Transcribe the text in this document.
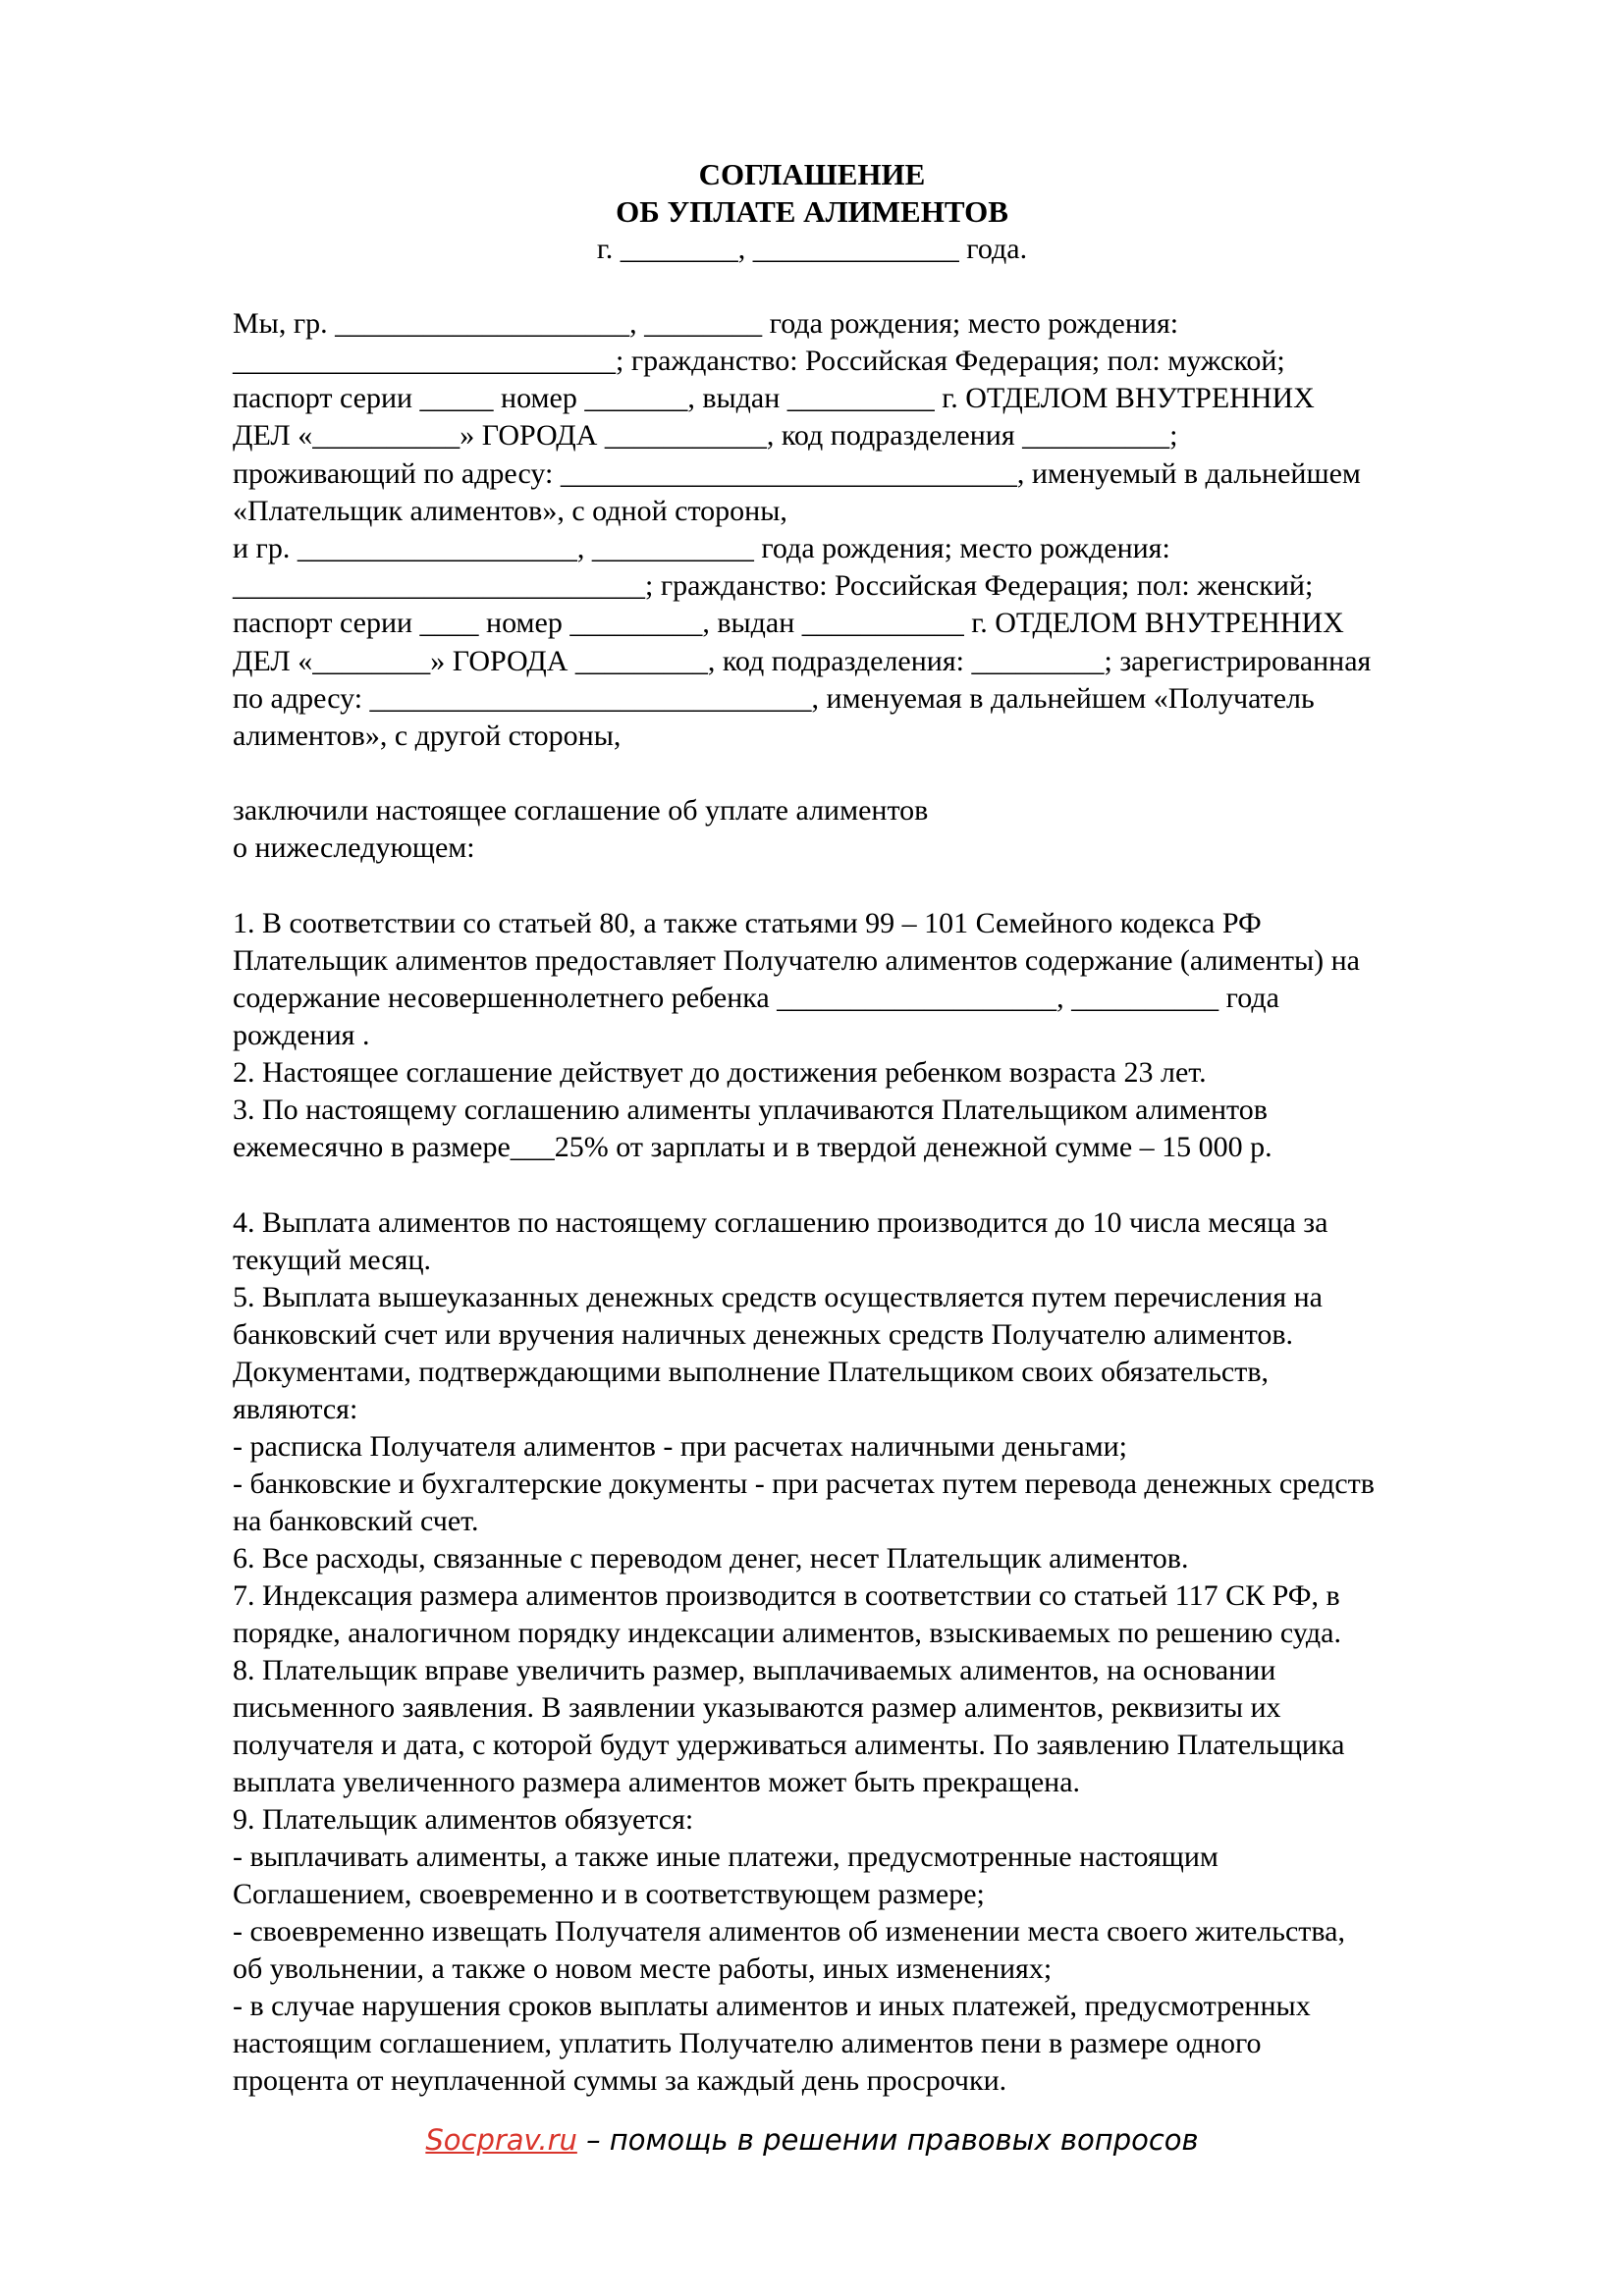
СОГЛАШЕНИЕ
ОБ УПЛАТЕ АЛИМЕНТОВ
г. ________, ______________ года.
Мы, гр. ____________________, ________ года рождения; место рождения:
__________________________; гражданство: Российская Федерация; пол: мужской;
паспорт серии _____ номер _______, выдан __________ г. ОТДЕЛОМ ВНУТРЕННИХ
ДЕЛ «__________» ГОРОДА ___________, код подразделения __________;
проживающий по адресу: _______________________________, именуемый в дальнейшем
«Плательщик алиментов», с одной стороны,
и гр. ___________________, ___________ года рождения; место рождения:
____________________________; гражданство: Российская Федерация; пол: женский;
паспорт серии ____ номер _________, выдан ___________ г. ОТДЕЛОМ ВНУТРЕННИХ
ДЕЛ «________» ГОРОДА _________, код подразделения: _________; зарегистрированная
по адресу: ______________________________, именуемая в дальнейшем «Получатель
алиментов», с другой стороны,
заключили настоящее соглашение об уплате алиментов
о нижеследующем:
1. В соответствии со статьей 80, а также статьями 99 – 101 Семейного кодекса РФ
Плательщик алиментов предоставляет Получателю алиментов содержание (алименты) на
содержание несовершеннолетнего ребенка ___________________, __________ года
рождения .
2. Настоящее соглашение действует до достижения ребенком возраста 23 лет.
3. По настоящему соглашению алименты уплачиваются Плательщиком алиментов
ежемесячно в размере___25% от зарплаты и в твердой денежной сумме – 15 000 р.
4. Выплата алиментов по настоящему соглашению производится до 10 числа месяца за
текущий месяц.
5. Выплата вышеуказанных денежных средств осуществляется путем перечисления на
банковский счет или вручения наличных денежных средств Получателю алиментов.
Документами, подтверждающими выполнение Плательщиком своих обязательств,
являются:
- расписка Получателя алиментов - при расчетах наличными деньгами;
- банковские и бухгалтерские документы - при расчетах путем перевода денежных средств
на банковский счет.
6. Все расходы, связанные с переводом денег, несет Плательщик алиментов.
7. Индексация размера алиментов производится в соответствии со статьей 117 СК РФ, в
порядке, аналогичном порядку индексации алиментов, взыскиваемых по решению суда.
8. Плательщик вправе увеличить размер, выплачиваемых алиментов, на основании
письменного заявления. В заявлении указываются размер алиментов, реквизиты их
получателя и дата, с которой будут удерживаться алименты. По заявлению Плательщика
выплата увеличенного размера алиментов может быть прекращена.
9. Плательщик алиментов обязуется:
- выплачивать алименты, а также иные платежи, предусмотренные настоящим
Соглашением, своевременно и в соответствующем размере;
- своевременно извещать Получателя алиментов об изменении места своего жительства,
об увольнении, а также о новом месте работы, иных изменениях;
- в случае нарушения сроков выплаты алиментов и иных платежей, предусмотренных
настоящим соглашением, уплатить Получателю алиментов пени в размере одного
процента от неуплаченной суммы за каждый день просрочки.
Socprav.ru – помощь в решении правовых вопросов
